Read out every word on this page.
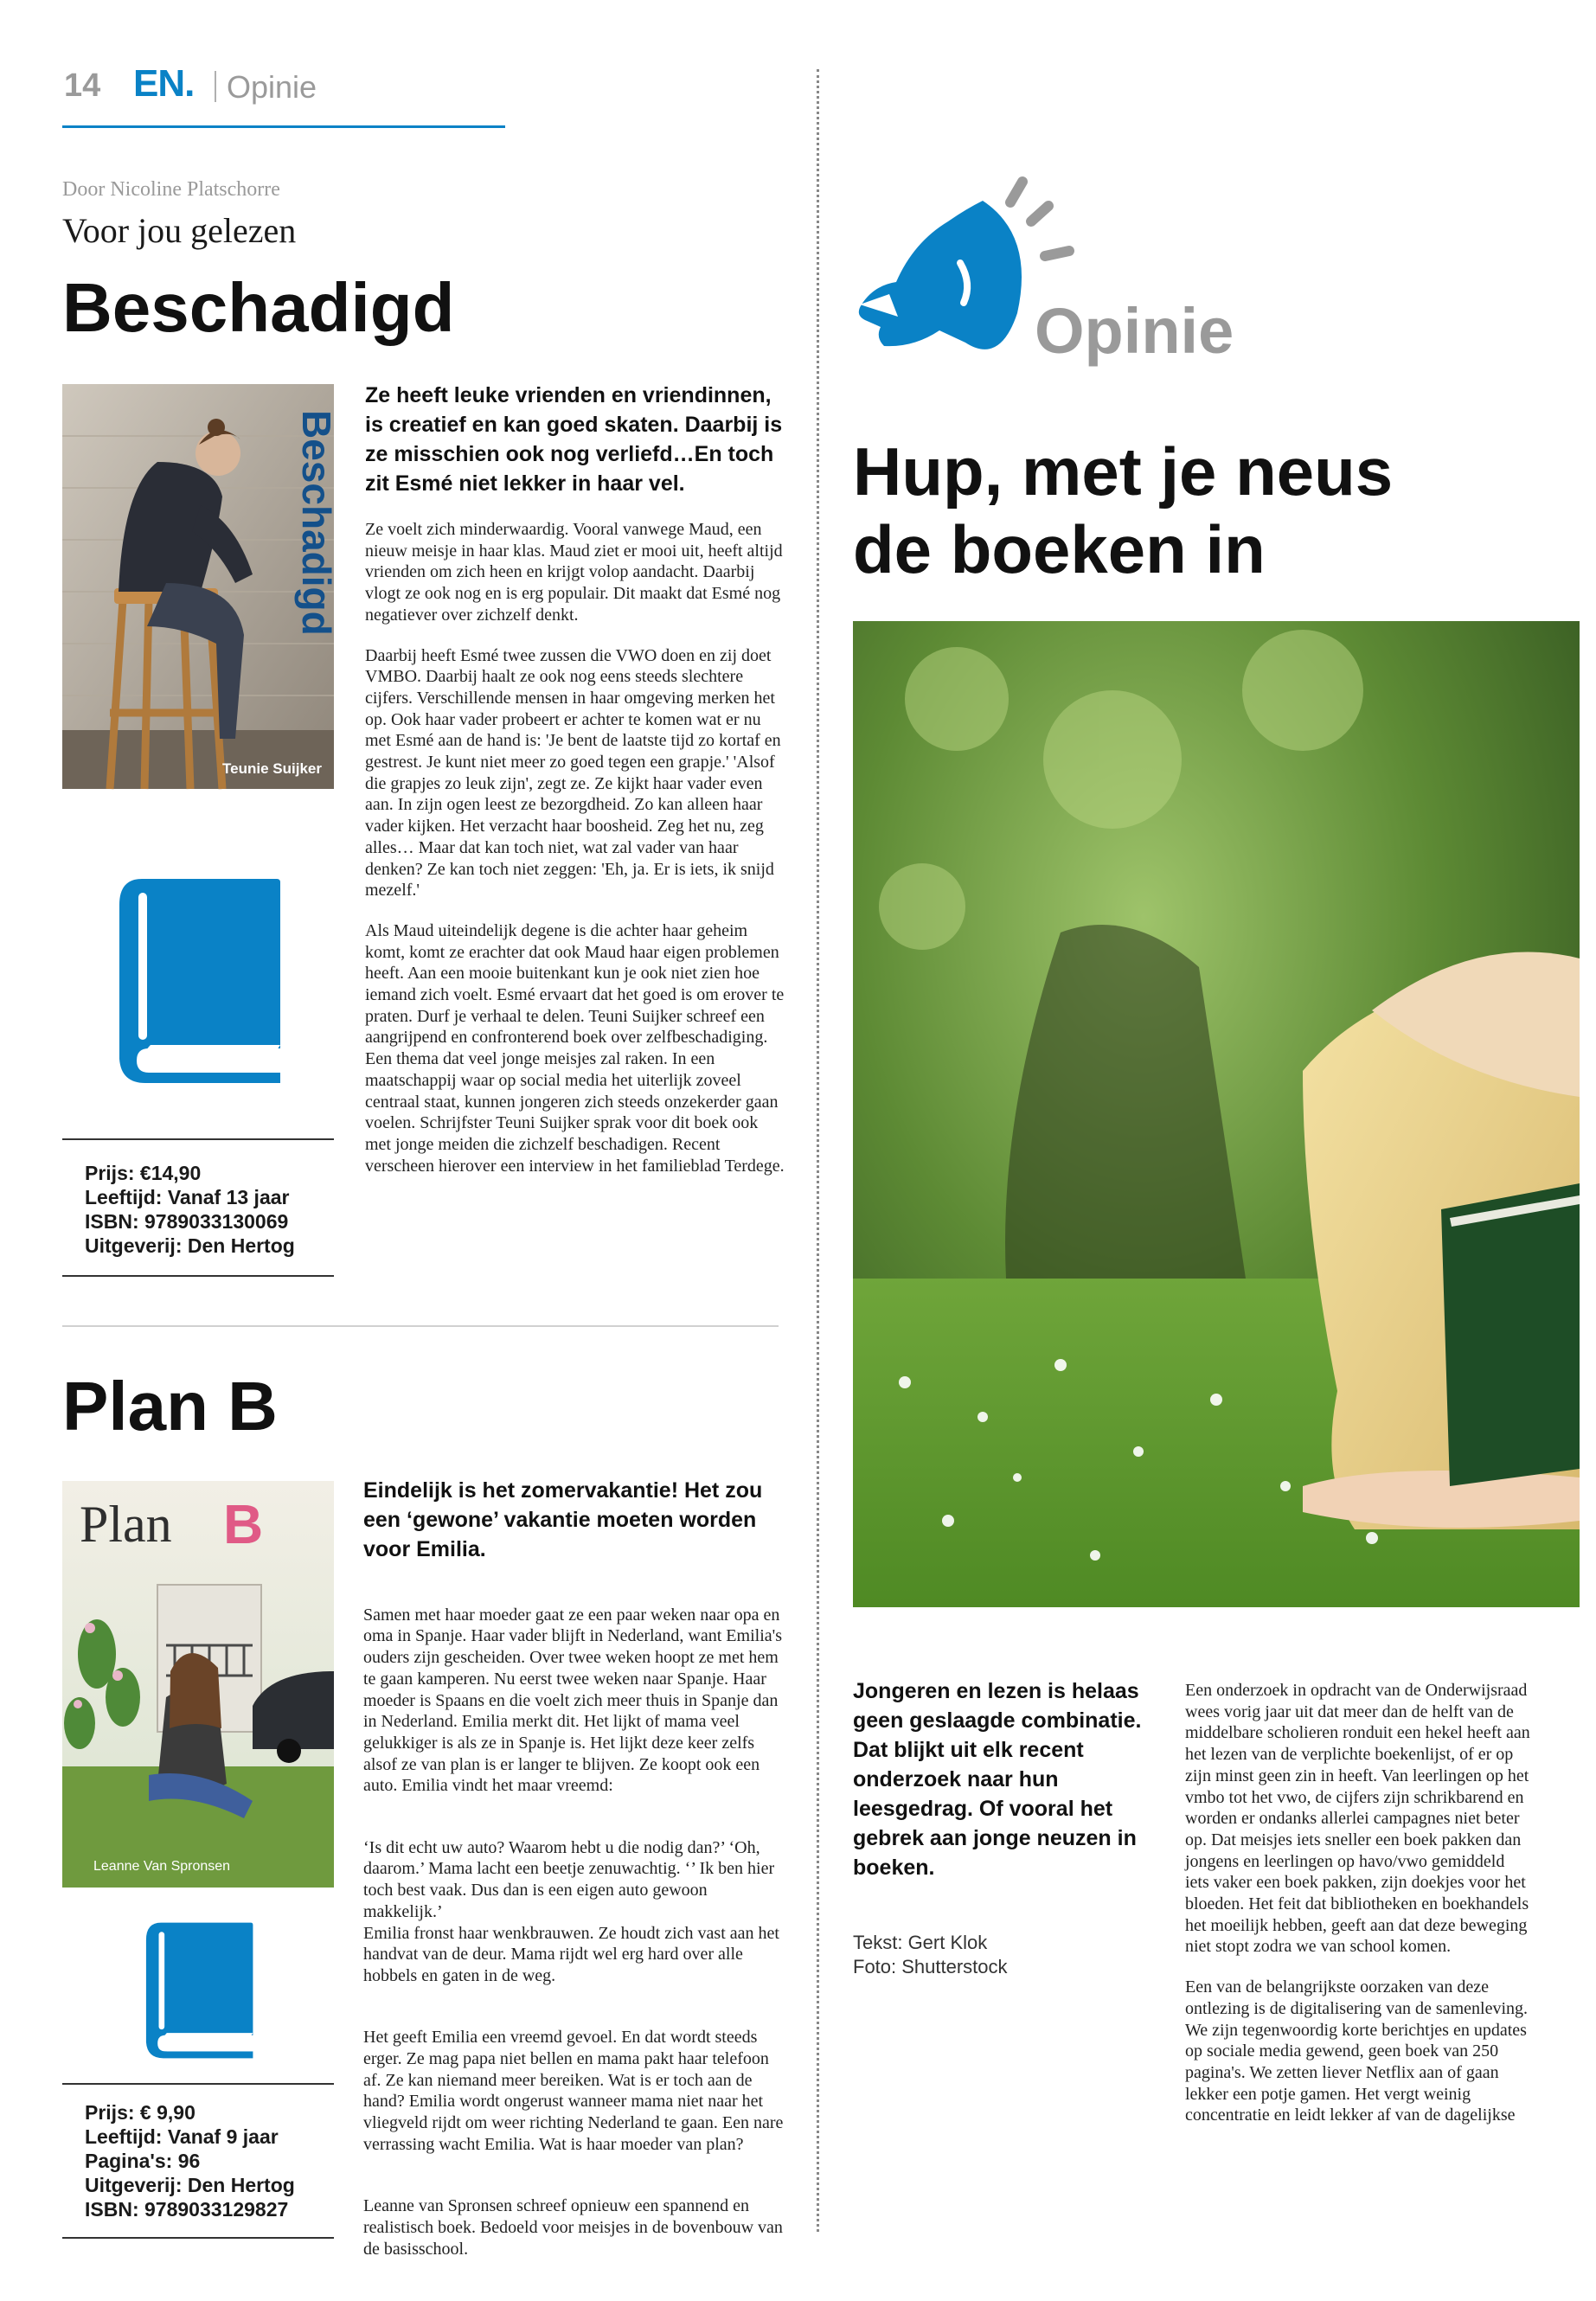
14 EN. Opinie
Door Nicoline Platschorre
Voor jou gelezen
Beschadigd
Beschadigd
Teunie Suijker
Prijs: €14,90
Leeftijd: Vanaf 13 jaar
ISBN: 9789033130069
Uitgeverij: Den Hertog
Ze heeft leuke vrienden en vriendinnen, is creatief en kan goed skaten. Daarbij is ze misschien ook nog verliefd…En toch zit Esmé niet lekker in haar vel.

Ze voelt zich minderwaardig. Vooral vanwege Maud, een nieuw meisje in haar klas. Maud ziet er mooi uit, heeft altijd vrienden om zich heen en krijgt volop aandacht. Daarbij vlogt ze ook nog en is erg populair. Dit maakt dat Esmé nog negatiever over zichzelf denkt.

Daarbij heeft Esmé twee zussen die VWO doen en zij doet VMBO. Daarbij haalt ze ook nog eens steeds slechtere cijfers. Verschillende mensen in haar omgeving merken het op. Ook haar vader probeert er achter te komen wat er nu met Esmé aan de hand is: 'Je bent de laatste tijd zo kortaf en gestrest. Je kunt niet meer zo goed tegen een grapje.' 'Alsof die grapjes zo leuk zijn', zegt ze. Ze kijkt haar vader even aan. In zijn ogen leest ze bezorgdheid. Zo kan alleen haar vader kijken. Het verzacht haar boosheid. Zeg het nu, zeg alles… Maar dat kan toch niet, wat zal vader van haar denken? Ze kan toch niet zeggen: 'Eh, ja. Er is iets, ik snijd mezelf.'

Als Maud uiteindelijk degene is die achter haar geheim komt, komt ze erachter dat ook Maud haar eigen problemen heeft. Aan een mooie buitenkant kun je ook niet zien hoe iemand zich voelt. Esmé ervaart dat het goed is om erover te praten. Durf je verhaal te delen. Teuni Suijker schreef een aangrijpend en confronterend boek over zelfbeschadiging. Een thema dat veel jonge meisjes zal raken. In een maatschappij waar op social media het uiterlijk zoveel centraal staat, kunnen jongeren zich steeds onzekerder gaan voelen. Schrijfster Teuni Suijker sprak voor dit boek ook met jonge meiden die zichzelf beschadigen. Recent verscheen hierover een interview in het familieblad Terdege.

Plan B
Plan B
Leanne Van Spronsen
Prijs: € 9,90
Leeftijd: Vanaf 9 jaar
Pagina's: 96
Uitgeverij: Den Hertog
ISBN: 9789033129827
Eindelijk is het zomervakantie! Het zou een ‘gewone’ vakantie moeten worden voor Emilia.

Samen met haar moeder gaat ze een paar weken naar opa en oma in Spanje. Haar vader blijft in Nederland, want Emilia's ouders zijn gescheiden. Over twee weken hoopt ze met hem te gaan kamperen. Nu eerst twee weken naar Spanje. Haar moeder is Spaans en die voelt zich meer thuis in Spanje dan in Nederland. Emilia merkt dit. Het lijkt of mama veel gelukkiger is als ze in Spanje is. Het lijkt deze keer zelfs alsof ze van plan is er langer te blijven. Ze koopt ook een auto. Emilia vindt het maar vreemd:

‘Is dit echt uw auto? Waarom hebt u die nodig dan?’ ‘Oh, daarom.’ Mama lacht een beetje zenuwachtig. ‘’ Ik ben hier toch best vaak. Dus dan is een eigen auto gewoon makkelijk.’
Emilia fronst haar wenkbrauwen. Ze houdt zich vast aan het handvat van de deur. Mama rijdt wel erg hard over alle hobbels en gaten in de weg.

Het geeft Emilia een vreemd gevoel. En dat wordt steeds erger. Ze mag papa niet bellen en mama pakt haar telefoon af. Ze kan niemand meer bereiken. Wat is er toch aan de hand? Emilia wordt ongerust wanneer mama niet naar het vliegveld rijdt om weer richting Nederland te gaan. Een nare verrassing wacht Emilia. Wat is haar moeder van plan?

Leanne van Spronsen schreef opnieuw een spannend en realistisch boek. Bedoeld voor meisjes in de bovenbouw van de basisschool.

Opinie
Hup, met je neus
de boeken in
Jongeren en lezen is helaas geen geslaagde combinatie. Dat blijkt uit elk recent onderzoek naar hun leesgedrag. Of vooral het gebrek aan jonge neuzen in boeken.
Tekst: Gert Klok
Foto: Shutterstock

Een onderzoek in opdracht van de Onderwijsraad wees vorig jaar uit dat meer dan de helft van de middelbare scholieren ronduit een hekel heeft aan het lezen van de verplichte boekenlijst, of er op zijn minst geen zin in heeft. Van leerlingen op het vmbo tot het vwo, de cijfers zijn schrikbarend en worden er ondanks allerlei campagnes niet beter op. Dat meisjes iets sneller een boek pakken dan jongens en leerlingen op havo/vwo gemiddeld iets vaker een boek pakken, zijn doekjes voor het bloeden. Het feit dat bibliotheken en boekhandels het moeilijk hebben, geeft aan dat deze beweging niet stopt zodra we van school komen.

Een van de belangrijkste oorzaken van deze ontlezing is de digitalisering van de samenleving. We zijn tegenwoordig korte berichtjes en updates op sociale media gewend, geen boek van 250 pagina's. We zetten liever Netflix aan of gaan lekker een potje gamen. Het vergt weinig concentratie en leidt lekker af van de dagelijkse
